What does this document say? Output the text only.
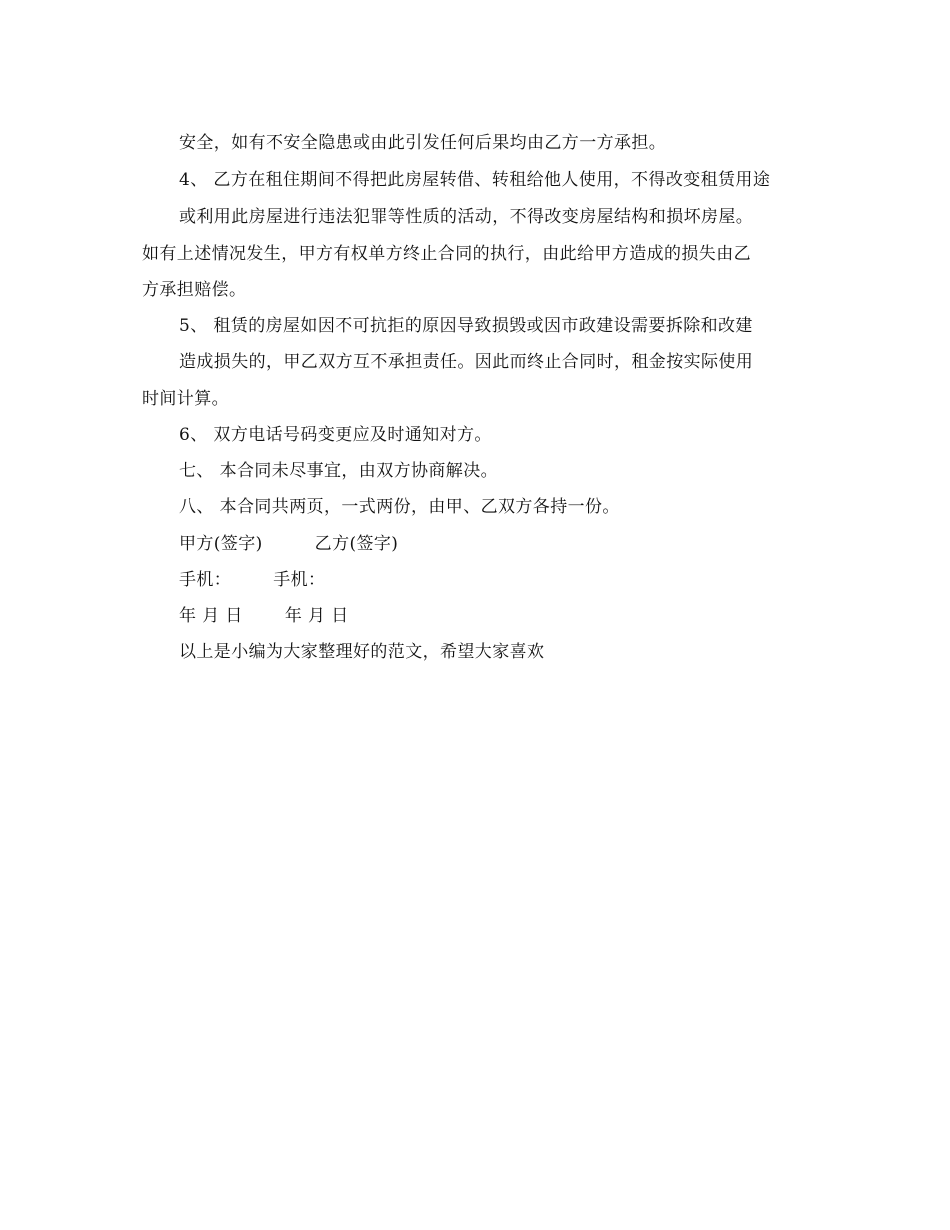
安全，如有不安全隐患或由此引发任何后果均由乙方一方承担。
4、 乙方在租住期间不得把此房屋转借、转租给他人使用，不得改变租赁用途
或利用此房屋进行违法犯罪等性质的活动，不得改变房屋结构和损坏房屋。
如有上述情况发生，甲方有权单方终止合同的执行，由此给甲方造成的损失由乙
方承担赔偿。
5、 租赁的房屋如因不可抗拒的原因导致损毁或因市政建设需要拆除和改建
造成损失的，甲乙双方互不承担责任。因此而终止合同时，租金按实际使用
时间计算。
6、 双方电话号码变更应及时通知对方。
七、 本合同未尽事宜，由双方协商解决。
八、 本合同共两页，一式两份，由甲、乙双方各持一份。
甲方(签字)	乙方(签字)
手机： 手机：
年 月 日 年 月 日
以上是小编为大家整理好的范文，希望大家喜欢
